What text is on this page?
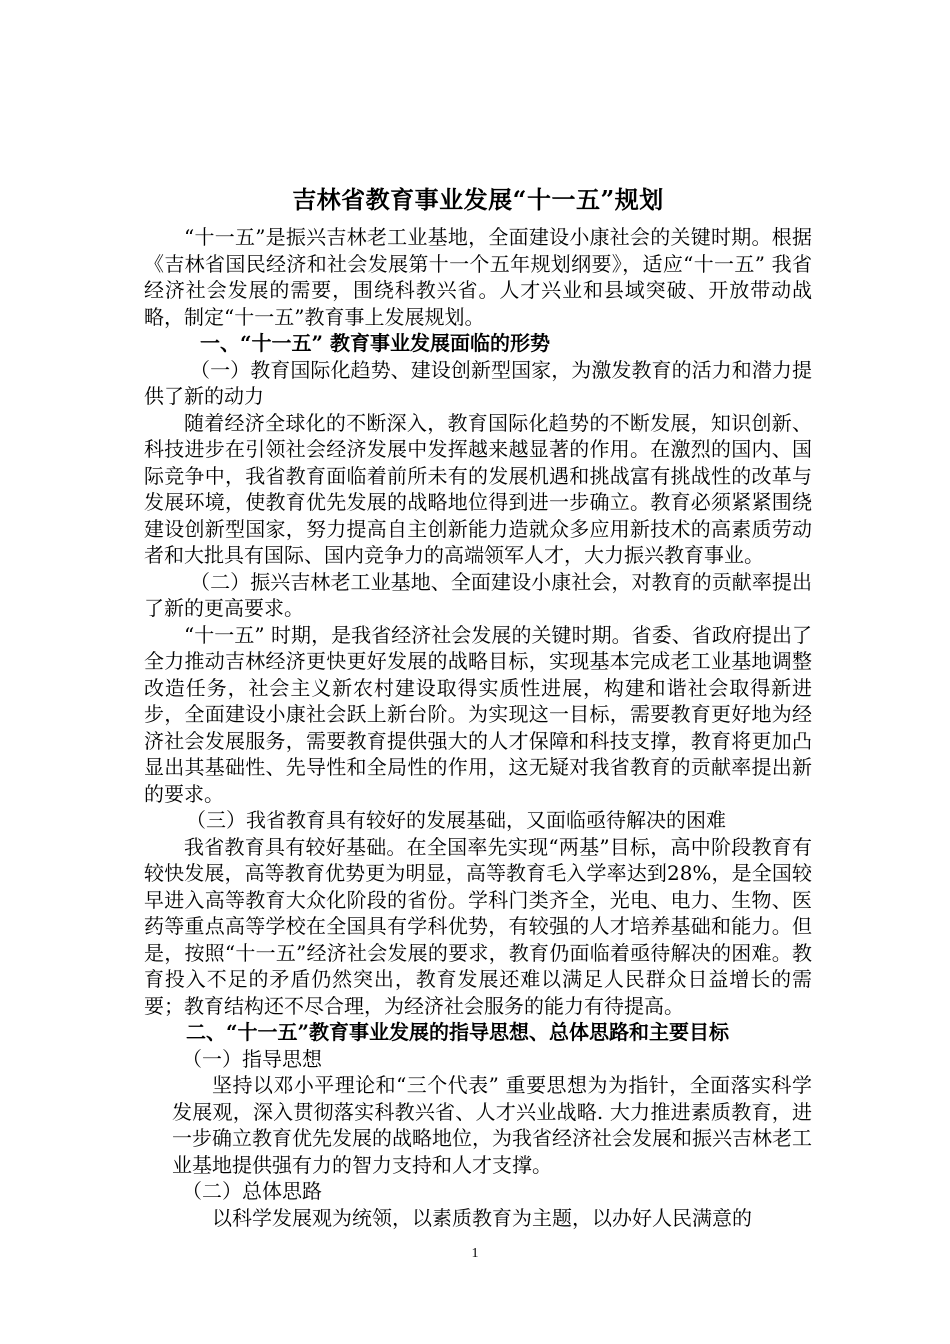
吉林省教育事业发展“十一五”规划

“十一五”是振兴吉林老工业基地，全面建设小康社会的关键时期。根据《吉林省国民经济和社会发展第十一个五年规划纲要》，适应“十一五” 我省经济社会发展的需要，围绕科教兴省。人才兴业和县域突破、开放带动战略，制定“十一五”教育事上发展规划。

一、“十一五” 教育事业发展面临的形势

（一）教育国际化趋势、建设创新型国家，为激发教育的活力和潜力提供了新的动力

随着经济全球化的不断深入，教育国际化趋势的不断发展，知识创新、科技进步在引领社会经济发展中发挥越来越显著的作用。在激烈的国内、国际竞争中，我省教育面临着前所未有的发展机遇和挑战富有挑战性的改革与发展环境，使教育优先发展的战略地位得到进一步确立。教育必须紧紧围绕建设创新型国家，努力提高自主创新能力造就众多应用新技术的高素质劳动者和大批具有国际、国内竞争力的高端领军人才，大力振兴教育事业。

（二）振兴吉林老工业基地、全面建设小康社会，对教育的贡献率提出了新的更高要求。

“十一五” 时期，是我省经济社会发展的关键时期。省委、省政府提出了全力推动吉林经济更快更好发展的战略目标，实现基本完成老工业基地调整改造任务，社会主义新农村建设取得实质性进展，构建和谐社会取得新进步，全面建设小康社会跃上新台阶。为实现这一目标，需要教育更好地为经济社会发展服务，需要教育提供强大的人才保障和科技支撑，教育将更加凸显出其基础性、先导性和全局性的作用，这无疑对我省教育的贡献率提出新的要求。

（三）我省教育具有较好的发展基础，又面临亟待解决的困难

我省教育具有较好基础。在全国率先实现“两基”目标，高中阶段教育有较快发展，高等教育优势更为明显，高等教育毛入学率达到28%，是全国较早进入高等教育大众化阶段的省份。学科门类齐全，光电、电力、生物、医药等重点高等学校在全国具有学科优势，有较强的人才培养基础和能力。但是，按照“十一五”经济社会发展的要求，教育仍面临着亟待解决的困难。教育投入不足的矛盾仍然突出，教育发展还难以满足人民群众日益增长的需要；教育结构还不尽合理，为经济社会服务的能力有待提高。

二、“十一五”教育事业发展的指导思想、总体思路和主要目标

（一）指导思想

坚持以邓小平理论和“三个代表” 重要思想为为指针，全面落实科学发展观，深入贯彻落实科教兴省、人才兴业战略. 大力推进素质教育，进一步确立教育优先发展的战略地位，为我省经济社会发展和振兴吉林老工业基地提供强有力的智力支持和人才支撑。

（二）总体思路

以科学发展观为统领，以素质教育为主题，以办好人民满意的

1
